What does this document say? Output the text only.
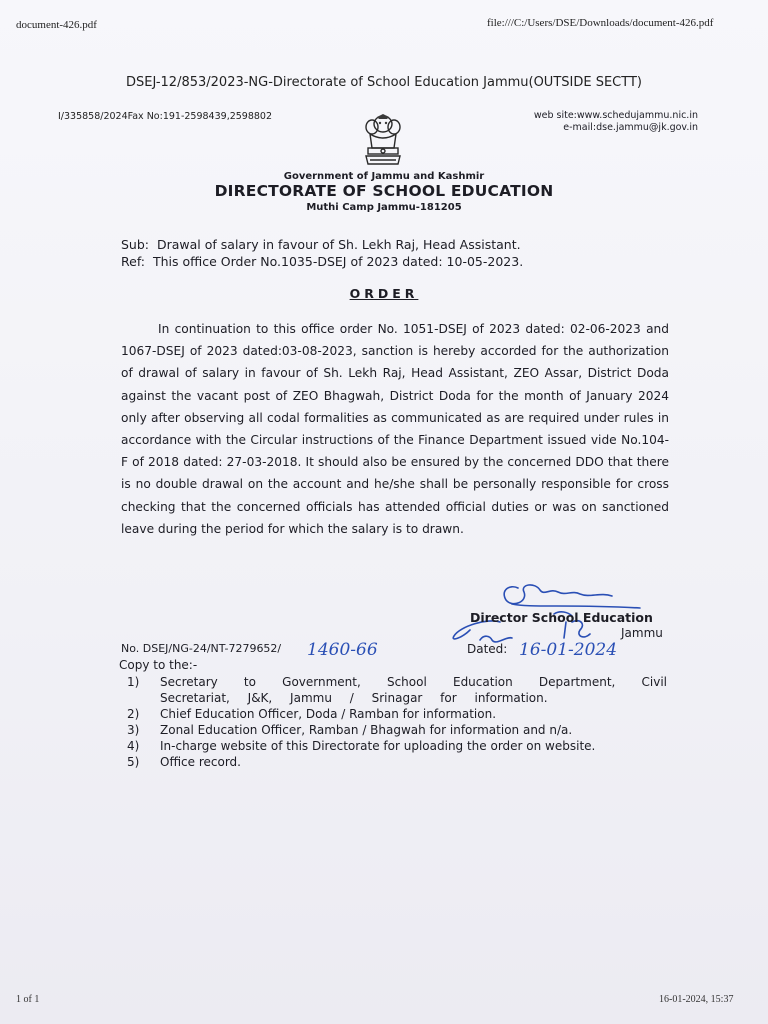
document-426.pdf	file:///C:/Users/DSE/Downloads/document-426.pdf
DSEJ-12/853/2023-NG-Directorate of School Education Jammu(OUTSIDE SECTT)
I/335858/2024Fax No:191-2598439,2598802	web site:www.schedujammu.nic.in
e-mail:dse.jammu@jk.gov.in
Government of Jammu and Kashmir
DIRECTORATE OF SCHOOL EDUCATION
Muthi Camp Jammu-181205
Sub: Drawal of salary in favour of Sh. Lekh Raj, Head Assistant.
Ref: This office Order No.1035-DSEJ of 2023 dated: 10-05-2023.
ORDER
In continuation to this office order No. 1051-DSEJ of 2023 dated: 02-06-2023 and 1067-DSEJ of 2023 dated:03-08-2023, sanction is hereby accorded for the authorization of drawal of salary in favour of Sh. Lekh Raj, Head Assistant, ZEO Assar, District Doda against the vacant post of ZEO Bhagwah, District Doda for the month of January 2024 only after observing all codal formalities as communicated as are required under rules in accordance with the Circular instructions of the Finance Department issued vide No.104-F of 2018 dated: 27-03-2018. It should also be ensured by the concerned DDO that there is no double drawal on the account and he/she shall be personally responsible for cross checking that the concerned officials has attended official duties or was on sanctioned leave during the period for which the salary is to drawn.
Director School Education
Jammu
No. DSEJ/NG-24/NT-7279652/ 1460-66	Dated: 16-01-2024
Copy to the:-
1)	Secretary to Government, School Education Department, Civil Secretariat, J&K, Jammu / Srinagar for information.
2)	Chief Education Officer, Doda / Ramban for information.
3)	Zonal Education Officer, Ramban / Bhagwah for information and n/a.
4)	In-charge website of this Directorate for uploading the order on website.
5)	Office record.
1 of 1	16-01-2024, 15:37
